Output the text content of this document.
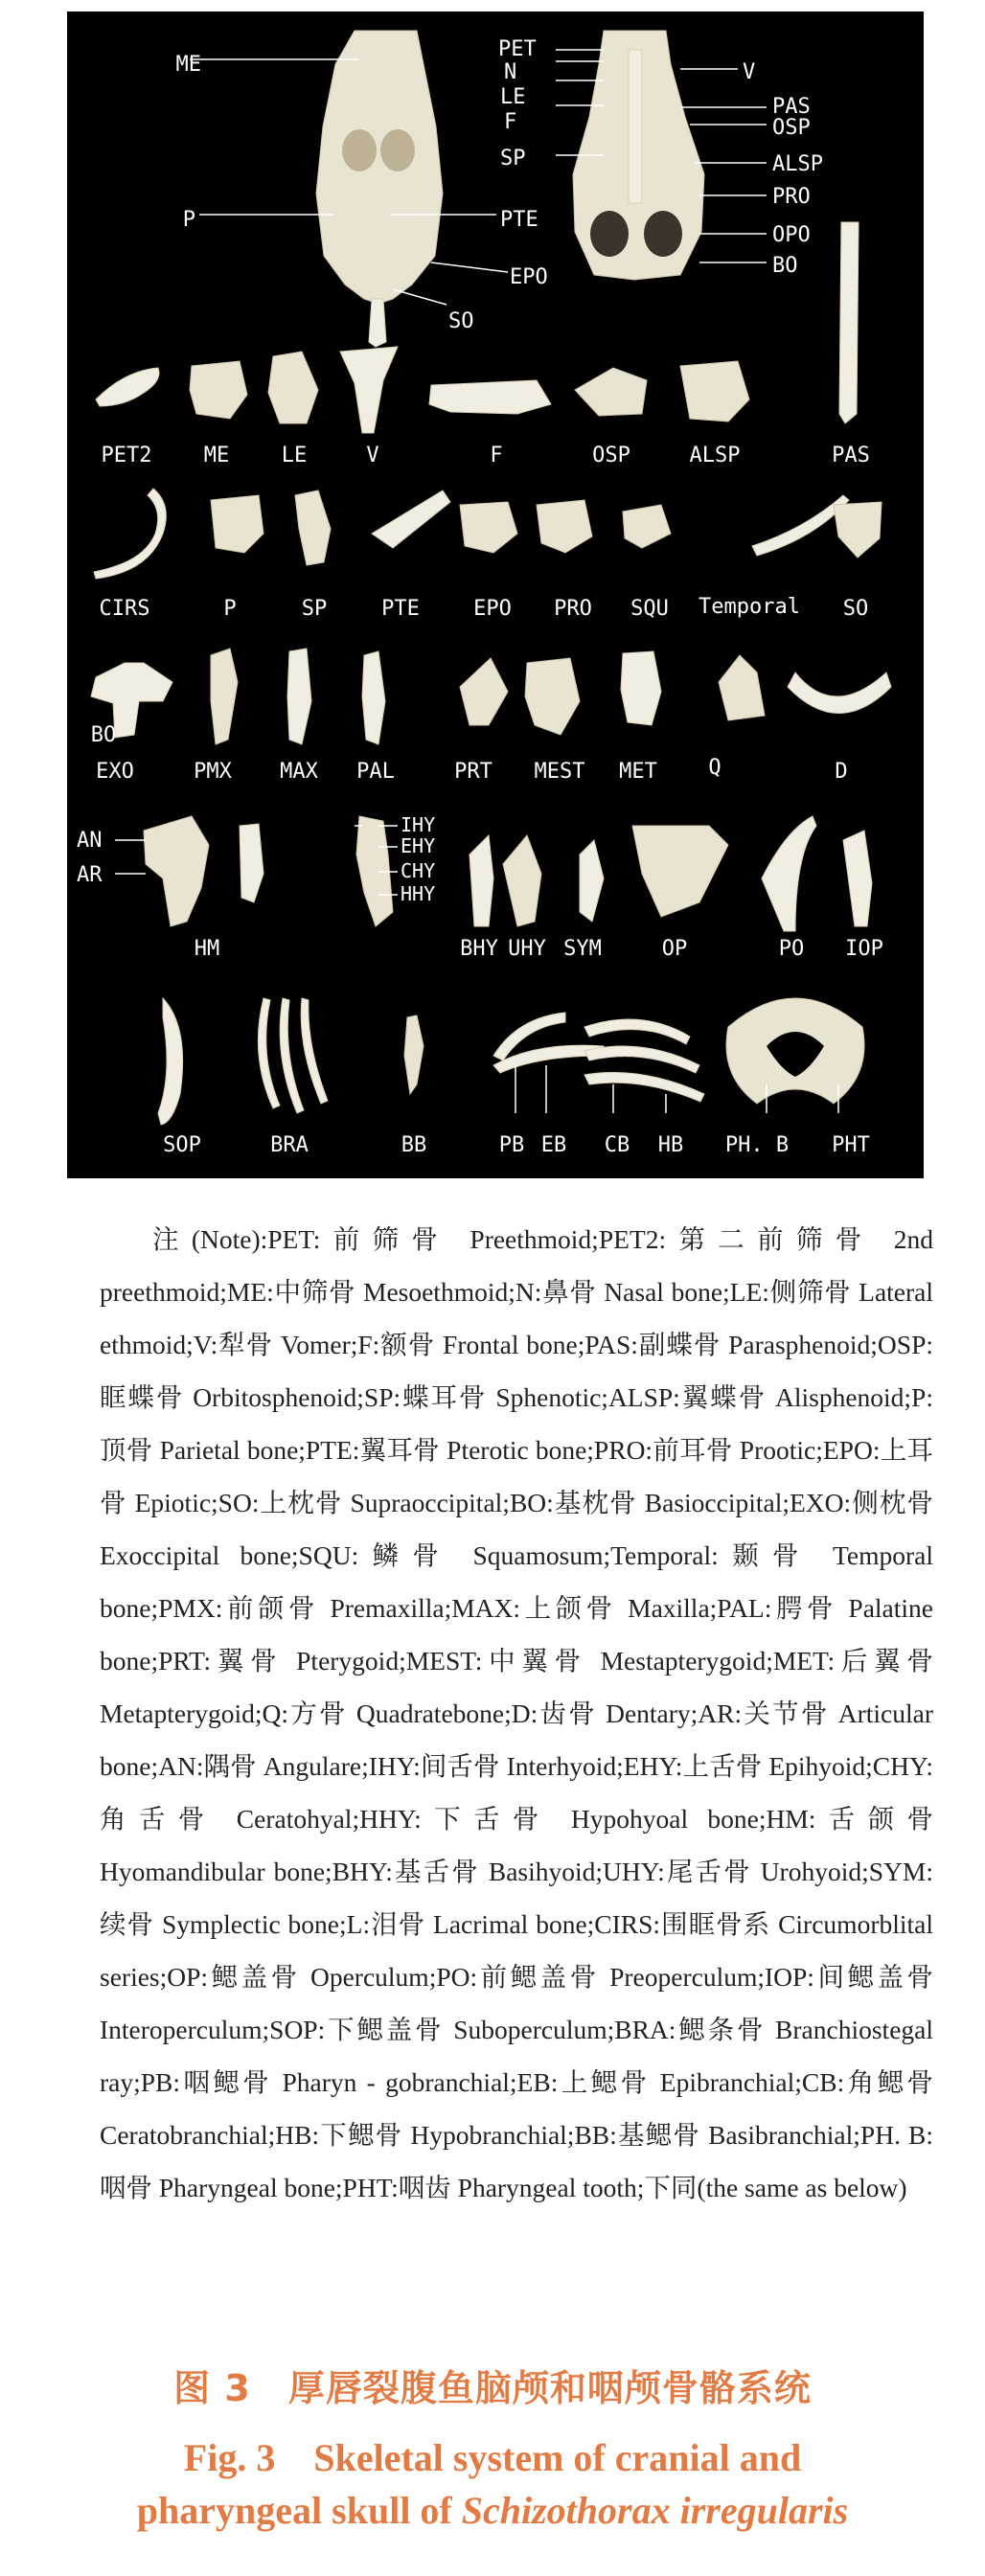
ME
P	PTE
EPO
SO
PET
N
LE
F
SP
V
PAS
OSP
ALSP
PRO
OPO
BO
PET2 ME LE	V	F	OSP	ALSP	PAS
CIRS	P	SP	PTE	EPO PRO SQU Temporal SO
BO
EXO	PMX MAX PAL	PRT MEST MET Q	D
AN
AR
HM
IHY
EHY
CHY
HHY
BHY UHY SYM	OP	PO IOP
SOP	BRA	BB	PB EB CB HB PH. B PHT

注(Note):PET:前筛骨 Preethmoid;PET2:第二前筛骨 2nd preethmoid;ME:中筛骨 Mesoethmoid;N:鼻骨 Nasal bone;LE:侧筛骨 Lateral ethmoid;V:犁骨 Vomer;F:额骨 Frontal bone;PAS:副蝶骨 Parasphenoid;OSP:眶蝶骨 Orbitosphenoid;SP:蝶耳骨 Sphenotic;ALSP:翼蝶骨 Alisphenoid;P:顶骨 Parietal bone;PTE:翼耳骨 Pterotic bone;PRO:前耳骨 Prootic;EPO:上耳骨 Epiotic;SO:上枕骨 Supraoccipital;BO:基枕骨 Basioccipital;EXO:侧枕骨 Exoccipital bone;SQU:鳞骨 Squamosum;Temporal:颞骨 Temporal bone;PMX:前颌骨 Premaxilla;MAX:上颌骨 Maxilla;PAL:腭骨 Palatine bone;PRT:翼骨 Pterygoid;MEST:中翼骨 Mestapterygoid;MET:后翼骨 Metapterygoid;Q:方骨 Quadratebone;D:齿骨 Dentary;AR:关节骨 Articular bone;AN:隅骨 Angulare;IHY:间舌骨 Interhyoid;EHY:上舌骨 Epihyoid;CHY:角舌骨 Ceratohyal;HHY:下舌骨 Hypohyoal bone;HM:舌颌骨 Hyomandibular bone;BHY:基舌骨 Basihyoid;UHY:尾舌骨 Urohyoid;SYM:续骨 Symplectic bone;L:泪骨 Lacrimal bone;CIRS:围眶骨系 Circumorblital series;OP:鳃盖骨 Operculum;PO:前鳃盖骨 Preoperculum;IOP:间鳃盖骨 Interoperculum;SOP:下鳃盖骨 Suboperculum;BRA:鳃条骨 Branchiostegal ray;PB:咽鳃骨 Pharyn - gobranchial;EB:上鳃骨 Epibranchial;CB:角鳃骨 Ceratobranchial;HB:下鳃骨 Hypobranchial;BB:基鳃骨 Basibranchial;PH. B:咽骨 Pharyngeal bone;PHT:咽齿 Pharyngeal tooth;下同(the same as below)

图 3　厚唇裂腹鱼脑颅和咽颅骨骼系统
Fig. 3　Skeletal system of cranial and
pharyngeal skull of Schizothorax irregularis
